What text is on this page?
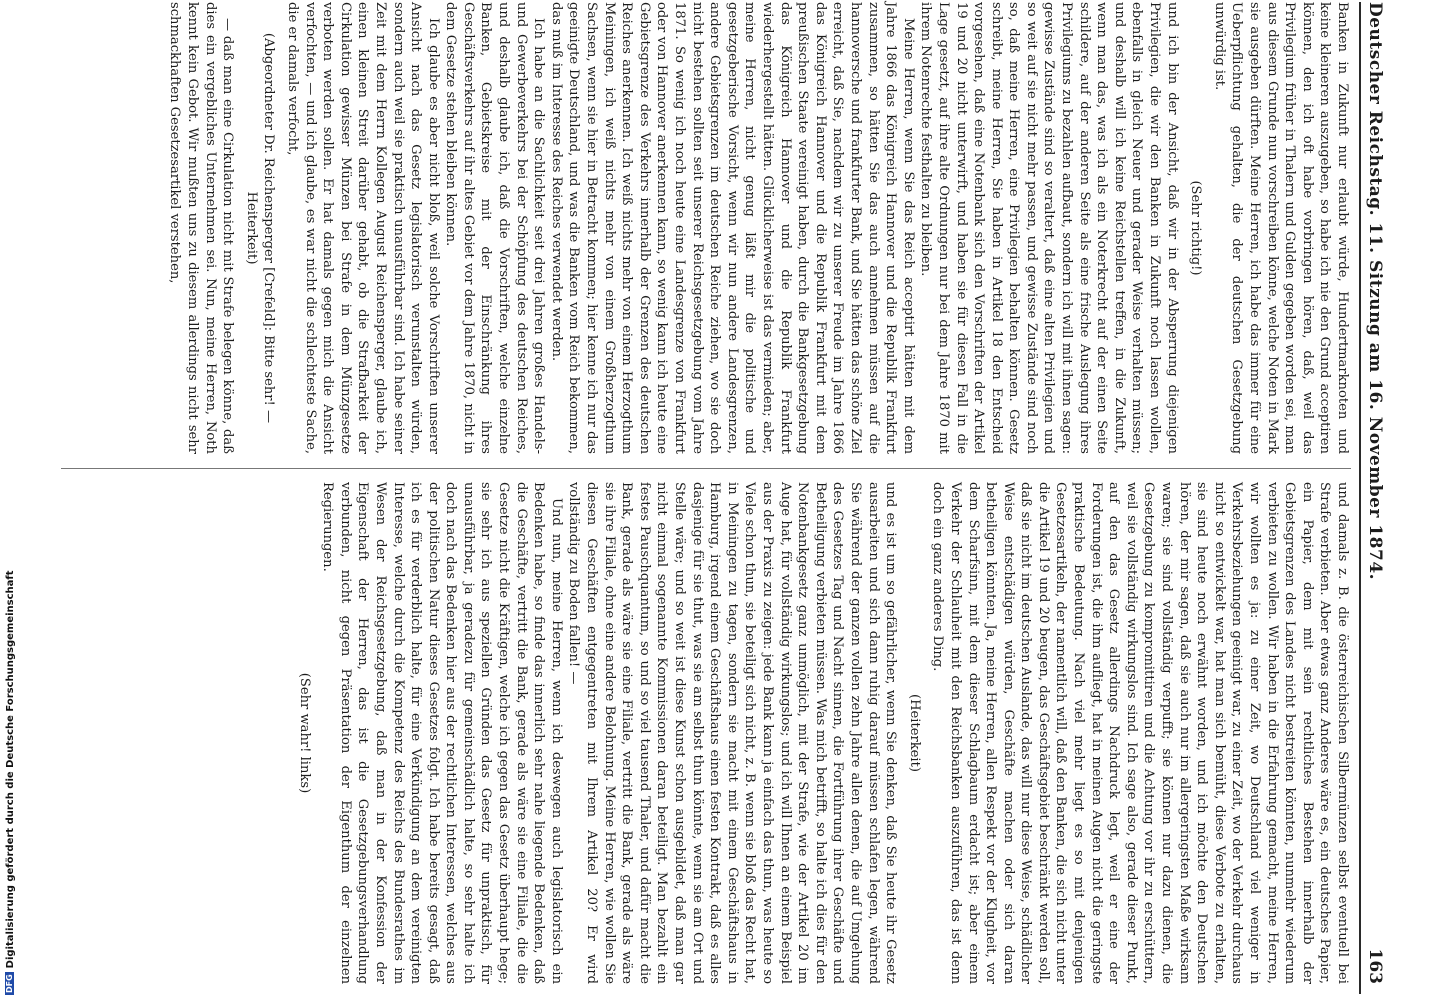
Deutscher Reichstag. 11. Sitzung am 16. November 1874.
163

Banken in Zukunft nur erlaubt würde, Hundertmarknoten und keine kleineren auszugeben, so habe ich nie den Grund acceptiren können, den ich oft habe vorbringen hören, daß, weil das Privilegium früher in Thalern und Gulden gegeben worden sei, man aus diesem Grunde nun vorschreiben könne, welche Noten in Mark sie ausgeben dürften. Meine Herren, ich habe das immer für eine Ueberpflichtung gehalten, die der deutschen Gesetzgebung unwürdig ist.

(Sehr richtig!)

und ich bin der Ansicht, daß wir in der Absperrung diejenigen Privilegien, die wir den Banken in Zukunft noch lassen wollen, ebenfalls in gleich Neuer und gerader Weise verhalten müssen; und deshalb will ich keine Reichstellen treffen, in die Zukunft, wenn man das, was ich als ein Noterkrecht auf der einen Seite schildere, auf der anderen Seite als eine frische Auslegung ihres Privilegiums zu bezahlen aufbaut, sondern ich will mit ihnen sagen: gewisse Zustände sind so veraltert, daß eine alten Privilegien und so weit auf sie nicht mehr passen, und gewisse Zustände sind noch so, daß meine Herren, eine Privilegien behalten können. Gesetz schreibt, meine Herren, Sie haben in Artikel 18 den Entscheid vorgesehen, daß eine Notenbank sich den Vorschriften der Artikel 19 und 20 nicht unterwirft, und haben sie für diesen Fall in die Lage gesetzt, auf ihre alte Ordnungen nur bei dem Jahre 1870 mit ihrem Notenrechte festhalten zu bleiben.

Meine Herren, wenn Sie das Reich acceptirt hätten mit dem Jahre 1866 das Königreich Hannover und die Republik Frankfurt zusammen, so hätten Sie das auch annehmen müssen auf die hannoversche und frankfurter Bank, und Sie hätten das schöne Ziel erreicht, daß Sie, nachdem wir zu unserer Freude im Jahre 1866 das Königreich Hannover und die Republik Frankfurt mit dem preußischen Staate vereinigt haben, durch die Bankgesetzgebung das Königreich Hannover und die Republik Frankfurt wiederhergestellt hätten. Glücklicherweise ist das vermieden; aber, meine Herren, nicht genug läßt mir die politische und gesetzgeberische Vorsicht, wenn wir nun andere Landesgrenzen, andere Gebietsgrenzen im deutschen Reiche ziehen, wo sie doch nicht bestehen sollten seit unserer Reichsgesetzgebung vom Jahre 1871. So wenig ich noch heute eine Landesgrenze von Frankfurt oder von Hannover anerkennen kann, so wenig kann ich heute eine Gebietsgrenze des Verkehrs innerhalb der Grenzen des deutschen Reiches anerkennen. Ich weiß nichts mehr von einem Herzogthum Meiningen, ich weiß nichts mehr von einem Großherzogthum Sachsen, wenn sie hier in Betracht kommen; hier kenne ich nur das geeinigte Deutschland, und was die Banken vom Reich bekommen, das muß im Interesse des Reiches verwendet werden.

Ich habe an die Sachlichkeit seit drei Jahren großes Handels- und Gewerbeverkehrs bei der Schöpfung des deutschen Reiches, und deshalb glaube ich, daß die Vorschriften, welche einzelne Banken, Gebietskreise mit der Einschränkung ihres Geschäftsverkehrs auf ihr altes Gebiet vor dem Jahre 1870, nicht in dem Gesetze stehen bleiben können.

Ich glaube es aber nicht bloß, weil solche Vorschriften unserer Ansicht nach das Gesetz legislatorisch verunstalten würden, sondern auch weil sie praktisch unausführbar sind. Ich habe seiner Zeit mit dem Herrn Kollegen August Reichensperger, glaube ich, einen kleinen Streit darüber gehabt, ob die Strafbarkeit der Cirkulation gewisser Münzen bei Strafe in dem Münzgesetze verboten werden sollen. Er hat damals gegen mich die Ansicht verfochten, — und ich glaube, es war nicht die schlechteste Sache, die er damals verfocht,

(Abgeordneter Dr. Reichensperger [Crefeld]: Bitte sehr! — Heiterkeit)

— daß man eine Cirkulation nicht mit Strafe belegen könne, daß dies ein vergebliches Unternehmen sei. Nun, meine Herren, Noth kennt kein Gebot. Wir mußten uns zu diesem allerdings nicht sehr schmackhaften Gesetzesartikel verstehen,

und damals z. B. die österreichischen Silbermünzen selbst eventuell bei Strafe verbieten. Aber etwas ganz Anderes wäre es, ein deutsches Papier, ein Papier, dem mit sein rechtliches Bestehen innerhalb der Gebietsgrenzen des Landes nicht bestreiten könnten, nunmehr wiederum verbieten zu wollen. Wir haben in die Erfahrung gemacht, meine Herren, wir wollten es ja: zu einer Zeit, wo Deutschland viel weniger in Verkehrsbeziehungen geeinigt war, zu einer Zeit, wo der Verkehr durchaus nicht so entwickelt war, hat man sich bemüht, diese Verbote zu erhalten, sie sind heute noch erwähnt worden, und ich möchte den Deutschen hören, der mir sagen, daß sie auch nur im allergeringsten Maße wirksam waren; sie sind vollständig verpufft; sie können nur dazu dienen, die Gesetzgebung zu kompromittiren und die Achtung vor ihr zu erschüttern, weil sie vollständig wirkungslos sind. Ich sage also, gerade dieser Punkt, auf den das Gesetz allerdings Nachdruck legt, weil er eine der Forderungen ist, die ihm aufliegt, hat in meinen Augen nicht die geringste praktische Bedeutung. Nach viel mehr liegt es so mit denjenigen Gesetzesartikeln, der namentlich will, daß den Banken, die sich nicht unter die Artikel 19 und 20 beugen, das Geschäftsgebiet beschränkt werden soll, daß sie nicht im deutschen Auslande, das will nur diese Weise, schädlicher Weise entschädigen würden, Geschäfte machen oder sich daran betheiligen könnten. Ja, meine Herren, allen Respekt vor der Klugheit, vor dem Scharfsinn, mit dem dieser Schlagbaum erdacht ist; aber einem Verkehr der Schlauheit mit den Reichsbanken auszuführen, das ist denn doch ein ganz anderes Ding.

(Heiterkeit)

und es ist um so gefährlicher, wenn Sie denken, daß Sie heute ihr Gesetz ausarbeiten und sich dann ruhig darauf müssen schlafen legen, während Sie während der ganzen vollen zehn Jahre allen denen, die auf Umgehung des Gesetzes Tag und Nacht sinnen, die Fortführung ihrer Geschäfte und Betheiligung verbieten müssen. Was mich betrifft, so halte ich dies für den Notenbankgesetz ganz unmöglich, mit der Strafe, wie der Artikel 20 im Auge hat, für vollständig wirkungslos; und ich will Ihnen an einem Beispiel aus der Praxis zu zeigen: jede Bank kann ja einfach das thun, was heute so Viele schon thun, sie beteiligt sich nicht, z. B. wenn sie bloß das Recht hat, in Meiningen zu tagen, sondern sie macht mit einem Geschäftshaus in Hamburg, irgend einem Geschäftshaus einen festen Kontrakt, daß es alles dasjenige für sie thut, was sie am selbst thun könnte, wenn sie am Ort und Stelle wäre; und so weit ist diese Kunst schon ausgebildet, daß man gar nicht einmal sogenannte Kommissionen daran beteiligt. Man bezahlt ein festes Pauschquantum, so und so viel tausend Thaler, und dafür macht die Bank, gerade als wäre sie eine Filiale, vertritt die Bank, gerade als wäre sie ihre Filiale, ohne eine andere Belohnung. Meine Herren, wie wollen Sie diesen Geschäften entgegentreten mit Ihrem Artikel 20? Er wird vollständig zu Boden fallen! —

Und nun, meine Herren, wenn ich deswegen auch legislatorisch ein Bedenken habe, so finde das innerlich sehr nahe liegende Bedenken, daß die Geschäfte, vertritt die Bank, gerade als wäre sie eine Filiale, die die Gesetze nicht die Kräftigen, welche ich gegen das Gesetz überhaupt hege; sie sehr ich aus speziellen Gründen das Gesetz für unpraktisch, für unausführbar, ja geradezu für gemeinschädlich halte, so sehr halte ich doch nach das Bedenken hier aus der rechtlichen Interessen, welches aus der politischen Natur dieses Gesetzes folgt. Ich habe bereits gesagt, daß ich es für verderblich halte, für eine Verkündigung an dem vereinigten Interesse, welche durch die Kompetenz des Reichs des Bundesrathes im Wesen der Reichsgesetzgebung, daß man in der Konfession der Eigenschaft der Herren, das ist die Gesetzgebungsverhandlung verbunden, nicht gegen Präsentation der Eigenthum der einzelnen Regierungen.

(Sehr wahr! links)

DFGDigitalisierung gefördert durch die Deutsche Forschungsgemeinschaft
